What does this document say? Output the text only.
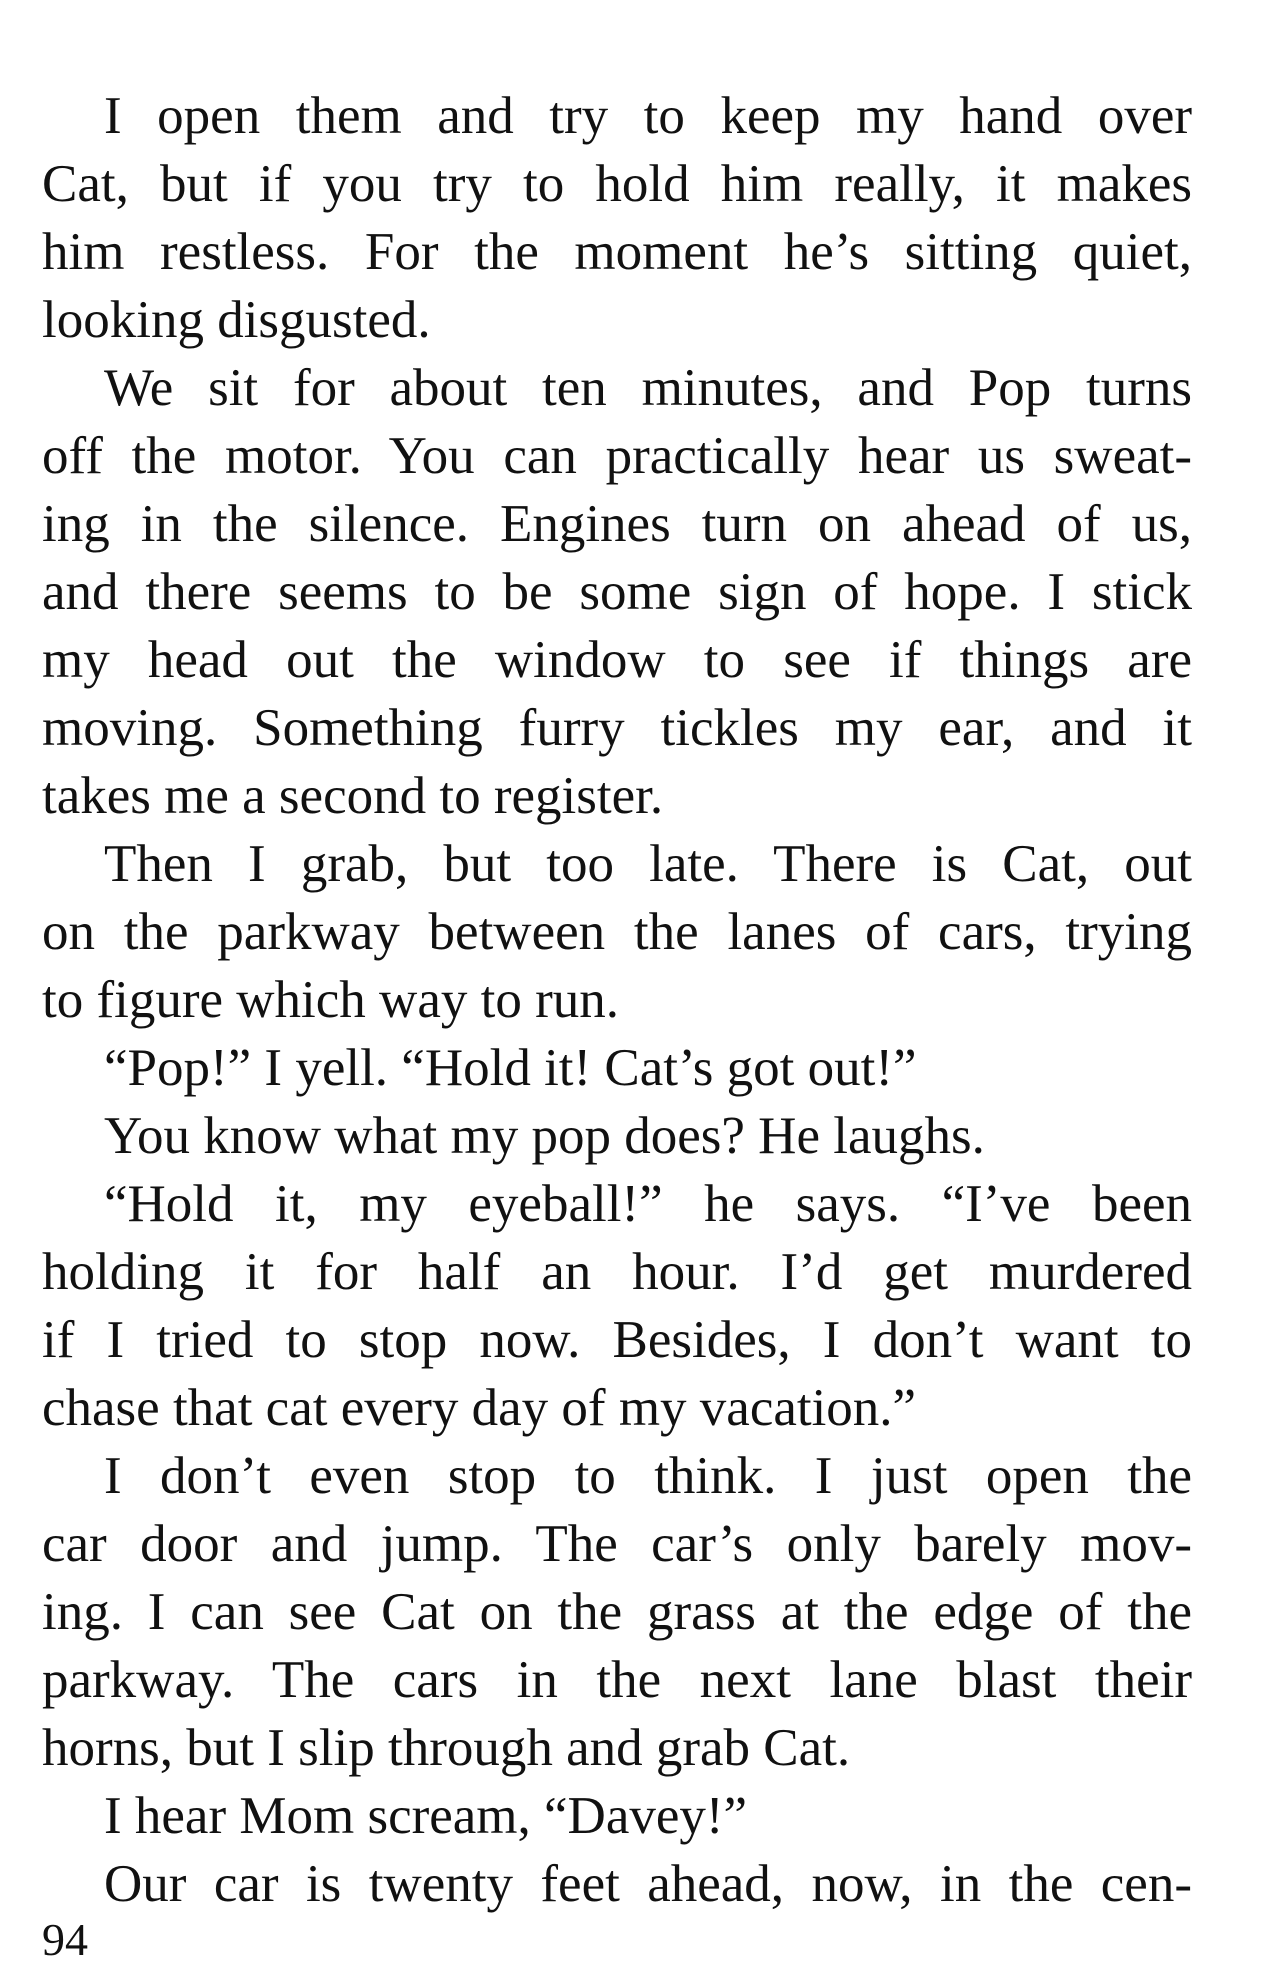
I open them and try to keep my hand over
Cat, but if you try to hold him really, it makes
him restless. For the moment he’s sitting quiet,
looking disgusted.
We sit for about ten minutes, and Pop turns
off the motor. You can practically hear us sweat-
ing in the silence. Engines turn on ahead of us,
and there seems to be some sign of hope. I stick
my head out the window to see if things are
moving. Something furry tickles my ear, and it
takes me a second to register.
Then I grab, but too late. There is Cat, out
on the parkway between the lanes of cars, trying
to figure which way to run.
“Pop!” I yell. “Hold it! Cat’s got out!”
You know what my pop does? He laughs.
“Hold it, my eyeball!” he says. “I’ve been
holding it for half an hour. I’d get murdered
if I tried to stop now. Besides, I don’t want to
chase that cat every day of my vacation.”
I don’t even stop to think. I just open the
car door and jump. The car’s only barely mov-
ing. I can see Cat on the grass at the edge of the
parkway. The cars in the next lane blast their
horns, but I slip through and grab Cat.
I hear Mom scream, “Davey!”
Our car is twenty feet ahead, now, in the cen-
94
